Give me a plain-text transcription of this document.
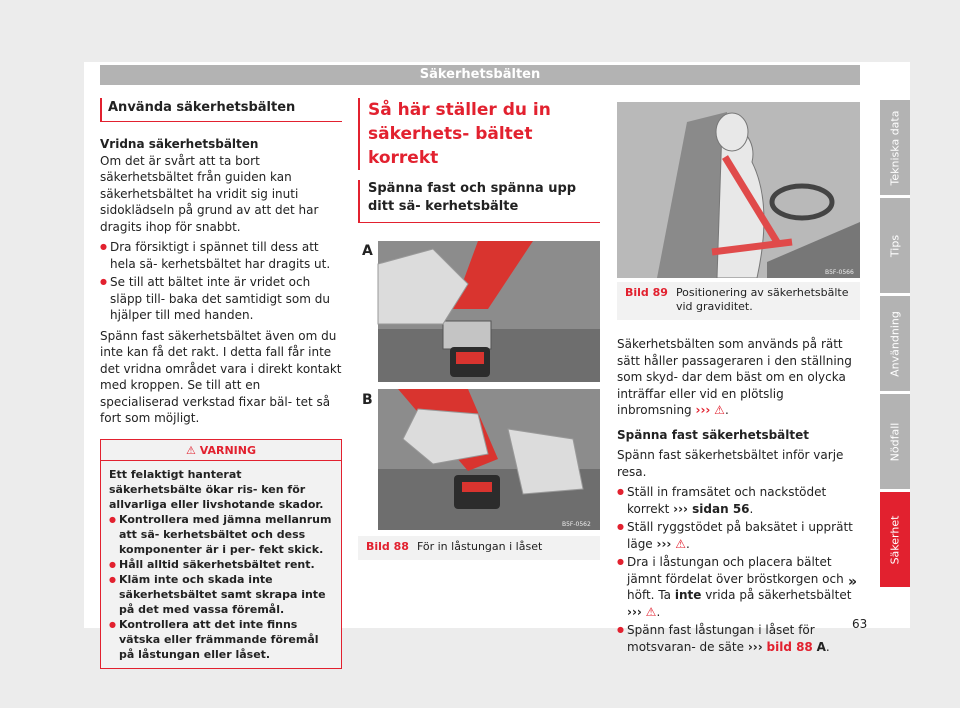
Säkerhetsbälten
Använda säkerhetsbälten

Vridna säkerhetsbälten

Om det är svårt att ta bort säkerhetsbältet från guiden kan säkerhetsbältet ha vridit sig inuti sidoklädseln på grund av att det har dragits ihop för snabbt.

● Dra försiktigt i spännet till dess att hela sä- kerhetsbältet har dragits ut.

● Se till att bältet inte är vridet och släpp till- baka det samtidigt som du hjälper till med handen.

Spänn fast säkerhetsbältet även om du inte kan få det rakt. I detta fall får inte det vridna området vara i direkt kontakt med kroppen. Se till att en specialiserad verkstad fixar bäl- tet så fort som möjligt.

⚠ VARNING

Ett felaktigt hanterat säkerhetsbälte ökar ris- ken för allvarliga eller livshotande skador.

● Kontrollera med jämna mellanrum att sä- kerhetsbältet och dess komponenter är i per- fekt skick.

● Håll alltid säkerhetsbältet rent.

● Kläm inte och skada inte säkerhetsbältet samt skrapa inte på det med vassa föremål.

● Kontrollera att det inte finns vätska eller främmande föremål på låstungan eller låset.

Så här ställer du in säkerhets- bältet korrekt
Spänna fast och spänna upp ditt sä- kerhetsbälte
A
B
B5F-0562
Bild 88 För in låstungan i låset
B5F-0566
Bild 89 Positionering av säkerhetsbälte vid graviditet.

Säkerhetsbälten som används på rätt sätt håller passageraren i den ställning som skyd- dar dem bäst om en olycka inträffar eller vid en plötslig inbromsning ››› ⚠.

Spänna fast säkerhetsbältet

Spänn fast säkerhetsbältet inför varje resa.

● Ställ in framsätet och nackstödet korrekt ››› sidan 56.

● Ställ ryggstödet på baksätet i upprätt läge ››› ⚠.

● Dra i låstungan och placera bältet jämnt fördelat över bröstkorgen och höft. Ta inte vrida på säkerhetsbältet ››› ⚠.

● Spänn fast låstungan i låset för motsvaran- de säte ››› bild 88 A.

»
Tekniska data
Tips
Användning
Nödfall
Säkerhet
63
